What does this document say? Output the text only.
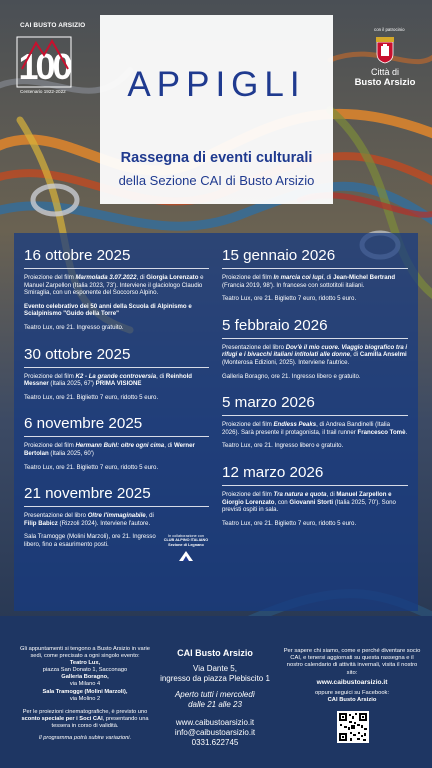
CAI BUSTO ARSIZIO
100
Centenario 1922-2022
con il patrocinio
Città di
Busto Arsizio
APPIGLI
Rassegna di eventi culturali
della Sezione CAI di Busto Arsizio
16 ottobre 2025

Proiezione del film Marmolada 3.07.2022, di Giorgia Lorenzato e Manuel Zarpellon (Italia 2023, 73'). Interviene il glaciologo Claudio Smiraglia, con un esponente del Soccorso Alpino.

Evento celebrativo dei 50 anni della Scuola di Alpinismo e Scialpinismo "Guido della Torre"

Teatro Lux, ore 21. Ingresso gratuito.

30 ottobre 2025

Proiezione del film K2 - La grande controversia, di Reinhold Messner (Italia 2025, 67') PRIMA VISIONE

Teatro Lux, ore 21. Biglietto 7 euro, ridotto 5 euro.

6 novembre 2025

Proiezione del film Hermann Buhl: oltre ogni cima, di Werner Bertolan (Italia 2025, 60')

Teatro Lux, ore 21. Biglietto 7 euro, ridotto 5 euro.

21 novembre 2025

Presentazione del libro Oltre l'immaginabile, di Filip Babicz (Rizzoli 2024). Interviene l'autore.

Sala Tramogge (Molini Marzoli), ore 21. Ingresso libero, fino a esaurimento posti.

In collaborazione con
CLUB ALPINO ITALIANO
Sezione di Legnano
15 gennaio 2026

Proiezione del film In marcia coi lupi, di Jean-Michel Bertrand (Francia 2019, 98'). In francese con sottotitoli italiani.

Teatro Lux, ore 21. Biglietto 7 euro, ridotto 5 euro.

5 febbraio 2026

Presentazione del libro Dov'è il mio cuore. Viaggio biografico tra i rifugi e i bivacchi italiani intitolati alle donne, di Camilla Anselmi (Monterosa Edizioni, 2025). Interviene l'autrice.

Galleria Boragno, ore 21. Ingresso libero e gratuito.

5 marzo 2026

Proiezione del film Endless Peaks, di Andrea Bandinelli (Italia 2026). Sarà presente il protagonista, il trail runner Francesco Tomè.

Teatro Lux, ore 21. Ingresso libero e gratuito.

12 marzo 2026

Proiezione del film Tra natura e quota, di Manuel Zarpellon e Giorgio Lorenzato, con Giovanni Storti (Italia 2025, 70'). Sono previsti ospiti in sala.

Teatro Lux, ore 21. Biglietto 7 euro, ridotto 5 euro.

Gli appuntamenti si tengono a Busto Arsizio in varie sedi, come precisato a ogni singolo evento:
Teatro Lux,
piazza San Donato 1, Sacconago
Galleria Boragno,
via Milano 4
Sala Tramogge (Molini Marzoli),
via Molino 2
Per le proiezioni cinematografiche, è previsto uno sconto speciale per i Soci CAI, presentando una tessera in corso di validità.
Il programma potrà subire variazioni.
CAI Busto Arsizio
Via Dante 5,
ingresso da piazza Plebiscito 1
Aperto tutti i mercoledì
dalle 21 alle 23
www.caibustoarsizio.it
info@caibustoarsizio.it
0331.622745
Per sapere chi siamo, come e perché diventare socio CAI, e tenersi aggiornati su questa rassegna e il nostro calendario di attività invernali, visita il nostro sito:
www.caibustoarsizio.it
oppure seguici su Facebook:
CAI Busto Arsizio
